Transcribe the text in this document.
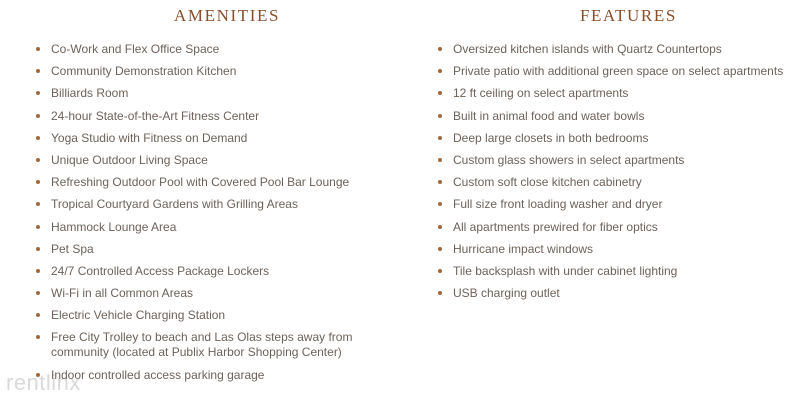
AMENITIES
Co-Work and Flex Office Space
Community Demonstration Kitchen
Billiards Room
24-hour State-of-the-Art Fitness Center
Yoga Studio with Fitness on Demand
Unique Outdoor Living Space
Refreshing Outdoor Pool with Covered Pool Bar Lounge
Tropical Courtyard Gardens with Grilling Areas
Hammock Lounge Area
Pet Spa
24/7 Controlled Access Package Lockers
Wi-Fi in all Common Areas
Electric Vehicle Charging Station
Free City Trolley to beach and Las Olas steps away from community (located at Publix Harbor Shopping Center)
Indoor controlled access parking garage
FEATURES
Oversized kitchen islands with Quartz Countertops
Private patio with additional green space on select apartments
12 ft ceiling on select apartments
Built in animal food and water bowls
Deep large closets in both bedrooms
Custom glass showers in select apartments
Custom soft close kitchen cabinetry
Full size front loading washer and dryer
All apartments prewired for fiber optics
Hurricane impact windows
Tile backsplash with under cabinet lighting
USB charging outlet
rentlinx
